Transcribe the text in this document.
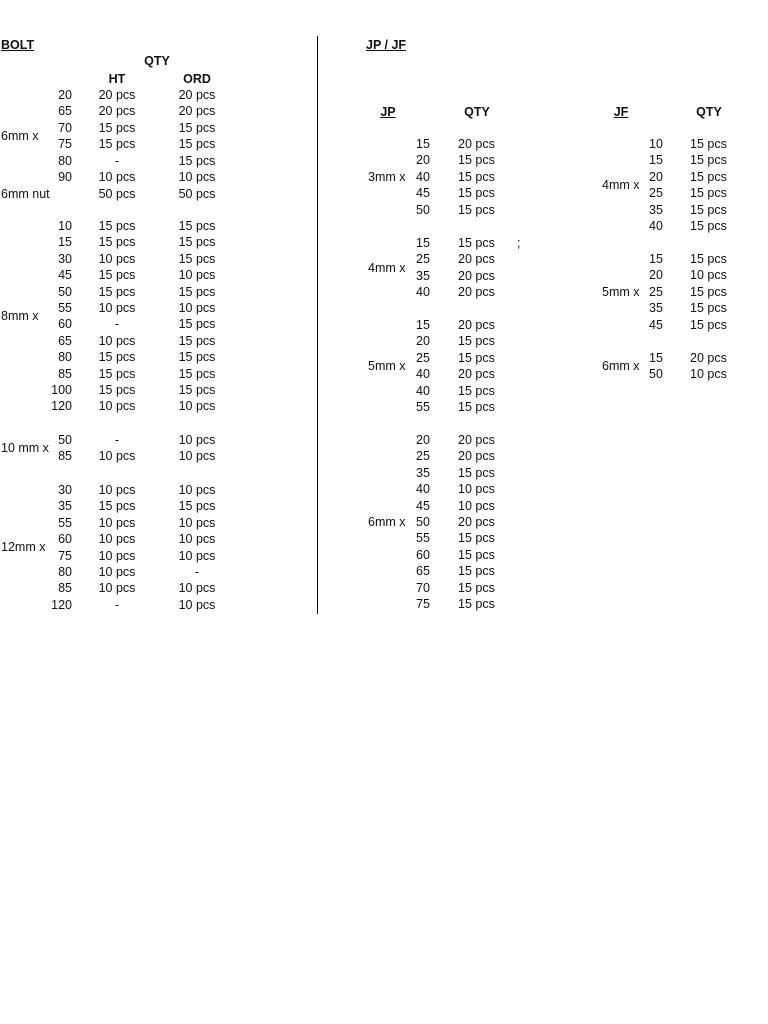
BOLT
QTY
HT	ORD
JP / JF
JP	QTY	JF	QTY
;
6mm x
20	20 pcs	20 pcs
65	20 pcs	20 pcs
70	15 pcs	15 pcs
75	15 pcs	15 pcs
80	-	15 pcs
90	10 pcs	10 pcs
6mm nut	50 pcs	50 pcs
8mm x
10	15 pcs	15 pcs
15	15 pcs	15 pcs
30	10 pcs	15 pcs
45	15 pcs	10 pcs
50	15 pcs	15 pcs
55	10 pcs	10 pcs
60	-	15 pcs
65	10 pcs	15 pcs
80	15 pcs	15 pcs
85	15 pcs	15 pcs
100	15 pcs	15 pcs
120	10 pcs	10 pcs
10 mm x
50	-	10 pcs
85	10 pcs	10 pcs
12mm x
30	10 pcs	10 pcs
35	15 pcs	15 pcs
55	10 pcs	10 pcs
60	10 pcs	10 pcs
75	10 pcs	10 pcs
80	10 pcs	-
85	10 pcs	10 pcs
120	-	10 pcs
3mm x
15	20 pcs
20	15 pcs
40	15 pcs
45	15 pcs
50	15 pcs
4mm x
15	15 pcs
25	20 pcs
35	20 pcs
40	20 pcs
5mm x
15	20 pcs
20	15 pcs
25	15 pcs
40	20 pcs
40	15 pcs
55	15 pcs
6mm x
20	20 pcs
25	20 pcs
35	15 pcs
40	10 pcs
45	10 pcs
50	20 pcs
55	15 pcs
60	15 pcs
65	15 pcs
70	15 pcs
75	15 pcs
4mm x
10	15 pcs
15	15 pcs
20	15 pcs
25	15 pcs
35	15 pcs
40	15 pcs
5mm x
15	15 pcs
20	10 pcs
25	15 pcs
35	15 pcs
45	15 pcs
6mm x
15	20 pcs
50	10 pcs
